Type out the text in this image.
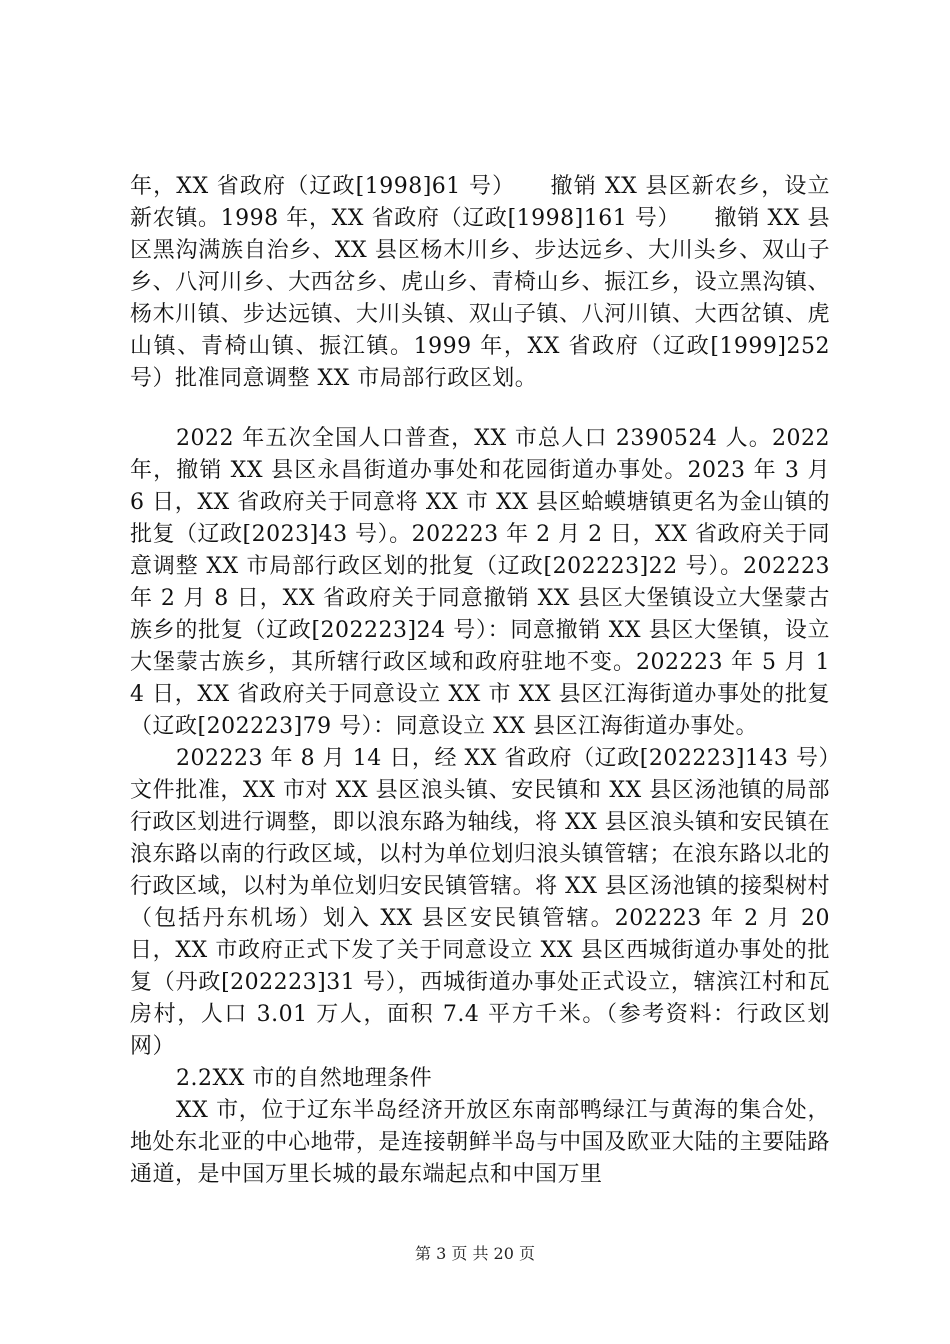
年，XX 省政府（辽政[1998]61 号）　　撤销 XX 县区新农乡，设立新农镇。1998 年，XX 省政府（辽政[1998]161 号）　　撤销 XX 县区黑沟满族自治乡、XX 县区杨木川乡、步达远乡、大川头乡、双山子乡、八河川乡、大西岔乡、虎山乡、青椅山乡、振江乡，设立黑沟镇、杨木川镇、步达远镇、大川头镇、双山子镇、八河川镇、大西岔镇、虎山镇、青椅山镇、振江镇。1999 年，XX 省政府（辽政[1999]252 号）批准同意调整 XX 市局部行政区划。

2022 年五次全国人口普查，XX 市总人口 2390524 人。2022 年，撤销 XX 县区永昌街道办事处和花园街道办事处。2023 年 3 月 6 日，XX 省政府关于同意将 XX 市 XX 县区蛤蟆塘镇更名为金山镇的批复（辽政[2023]43 号）。202223 年 2 月 2 日，XX 省政府关于同意调整 XX 市局部行政区划的批复（辽政[202223]22 号）。202223 年 2 月 8 日，XX 省政府关于同意撤销 XX 县区大堡镇设立大堡蒙古族乡的批复（辽政[202223]24 号）：同意撤销 XX 县区大堡镇，设立大堡蒙古族乡，其所辖行政区域和政府驻地不变。202223 年 5 月 14 日，XX 省政府关于同意设立 XX 市 XX 县区江海街道办事处的批复（辽政[202223]79 号）：同意设立 XX 县区江海街道办事处。

202223 年 8 月 14 日，经 XX 省政府（辽政[202223]143 号）文件批准，XX 市对 XX 县区浪头镇、安民镇和 XX 县区汤池镇的局部行政区划进行调整，即以浪东路为轴线，将 XX 县区浪头镇和安民镇在浪东路以南的行政区域，以村为单位划归浪头镇管辖；在浪东路以北的行政区域，以村为单位划归安民镇管辖。将 XX 县区汤池镇的接梨树村（包括丹东机场）划入 XX 县区安民镇管辖。202223 年 2 月 20 日，XX 市政府正式下发了关于同意设立 XX 县区西城街道办事处的批复（丹政[202223]31 号），西城街道办事处正式设立，辖滨江村和瓦房村，人口 3.01 万人，面积 7.4 平方千米。（参考资料：行政区划网）

2.2XX 市的自然地理条件

XX 市，位于辽东半岛经济开放区东南部鸭绿江与黄海的集合处，地处东北亚的中心地带，是连接朝鲜半岛与中国及欧亚大陆的主要陆路通道，是中国万里长城的最东端起点和中国万里

第 3 页 共 20 页
